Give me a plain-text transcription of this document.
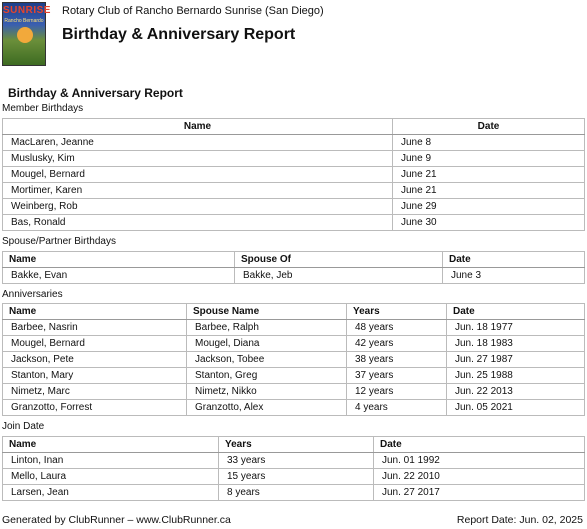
SUNRISE
Rancho Bernardo
Rotary Club of Rancho Bernardo Sunrise (San Diego)
Birthday & Anniversary Report
Birthday & Anniversary Report
Member Birthdays
Name	Date
MacLaren, Jeanne	June 8
Muslusky, Kim	June 9
Mougel, Bernard	June 21
Mortimer, Karen	June 21
Weinberg, Rob	June 29
Bas, Ronald	June 30
Spouse/Partner Birthdays
Name	Spouse Of	Date
Bakke, Evan	Bakke, Jeb	June 3
Anniversaries
Name	Spouse Name	Years	Date
Barbee, Nasrin	Barbee, Ralph	48 years	Jun. 18 1977
Mougel, Bernard	Mougel, Diana	42 years	Jun. 18 1983
Jackson, Pete	Jackson, Tobee	38 years	Jun. 27 1987
Stanton, Mary	Stanton, Greg	37 years	Jun. 25 1988
Nimetz, Marc	Nimetz, Nikko	12 years	Jun. 22 2013
Granzotto, Forrest	Granzotto, Alex	4 years	Jun. 05 2021
Join Date
Name	Years	Date
Linton, Inan	33 years	Jun. 01 1992
Mello, Laura	15 years	Jun. 22 2010
Larsen, Jean	8 years	Jun. 27 2017
Generated by ClubRunner – www.ClubRunner.ca	Report Date: Jun. 02, 2025
